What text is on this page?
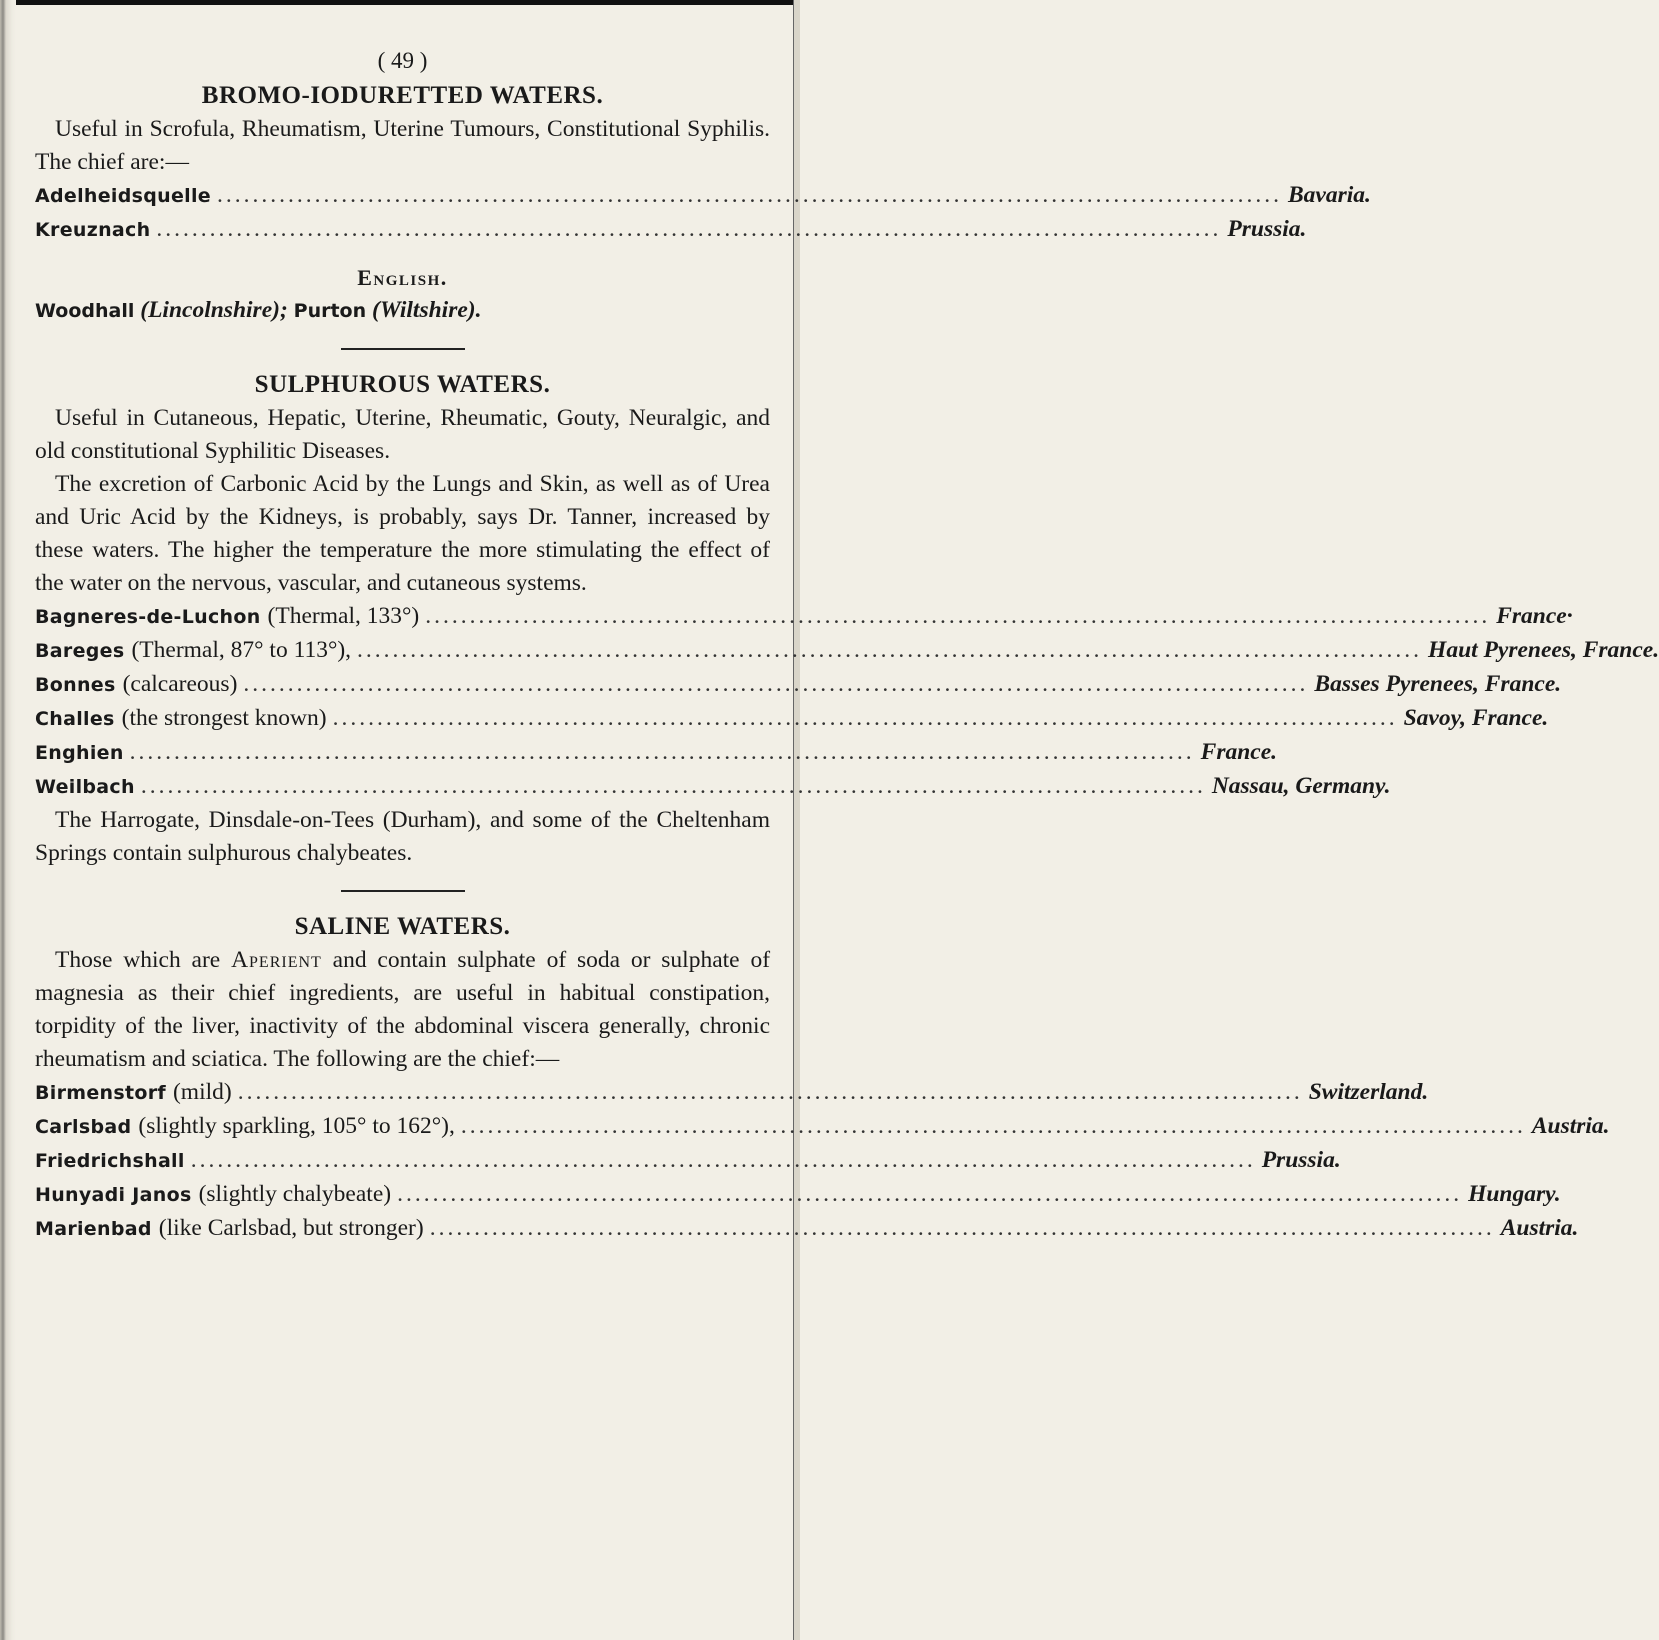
( 49 )
BROMO-IODURETTED WATERS.

Useful in Scrofula, Rheumatism, Uterine Tumours, Constitutional Syphilis. The chief are:—

Adelheidsquelle ........................................................................................................................ Bavaria.
Kreuznach ........................................................................................................................ Prussia.
English.
Woodhall (Lincolnshire); Purton (Wiltshire).
SULPHUROUS WATERS.

Useful in Cutaneous, Hepatic, Uterine, Rheumatic, Gouty, Neuralgic, and old constitutional Syphilitic Diseases.

The excretion of Carbonic Acid by the Lungs and Skin, as well as of Urea and Uric Acid by the Kidneys, is probably, says Dr. Tanner, increased by these waters. The higher the temperature the more stimulating the effect of the water on the nervous, vascular, and cutaneous systems.

Bagneres-de-Luchon (Thermal, 133°) ........................................................................................................................ France·
Bareges (Thermal, 87° to 113°), ........................................................................................................................ Haut Pyrenees, France.
Bonnes (calcareous) ........................................................................................................................ Basses Pyrenees, France.
Challes (the strongest known) ........................................................................................................................ Savoy, France.
Enghien ........................................................................................................................ France.
Weilbach ........................................................................................................................ Nassau, Germany.

The Harrogate, Dinsdale-on-Tees (Durham), and some of the Cheltenham Springs contain sulphurous chalybeates.

SALINE WATERS.

Those which are Aperient and contain sulphate of soda or sulphate of magnesia as their chief ingredients, are useful in habitual constipation, torpidity of the liver, inactivity of the abdominal viscera generally, chronic rheumatism and sciatica. The following are the chief:—

Birmenstorf (mild) ........................................................................................................................ Switzerland.
Carlsbad (slightly sparkling, 105° to 162°), ........................................................................................................................ Austria.
Friedrichshall ........................................................................................................................ Prussia.
Hunyadi Janos (slightly chalybeate) ........................................................................................................................ Hungary.
Marienbad (like Carlsbad, but stronger) ........................................................................................................................ Austria.
